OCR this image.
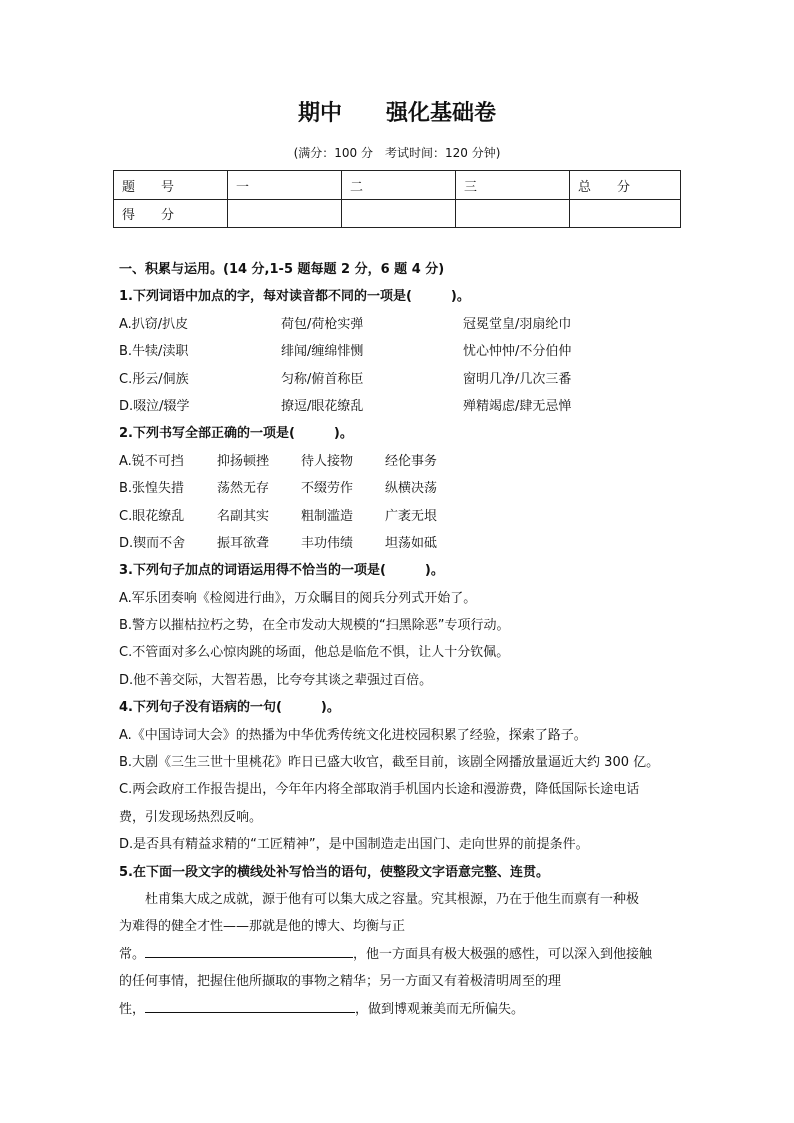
期中 强化基础卷
(满分：100 分　考试时间：120 分钟)
题　　号	一	二	三	总　　分
得　　分				
一、积累与运用。(14 分,1-5 题每题 2 分，6 题 4 分)
1.下列词语中加点的字，每对读音都不同的一项是(　　　)。
A.扒窃/扒皮	荷包/荷枪实弹	冠冕堂皇/羽扇纶巾
B.牛犊/渎职	绯闻/缠绵悱恻	忧心忡忡/不分伯仲
C.彤云/侗族	匀称/俯首称臣	窗明几净/几次三番
D.啜泣/辍学	撩逗/眼花缭乱	殚精竭虑/肆无忌惮
2.下列书写全部正确的一项是(　　　)。
A.锐不可挡	抑扬顿挫	待人接物	经伦事务
B.张惶失措	荡然无存	不缀劳作	纵横决荡
C.眼花缭乱	名副其实	粗制滥造	广袤无垠
D.锲而不舍	振耳欲聋	丰功伟绩	坦荡如砥
3.下列句子加点的词语运用得不恰当的一项是(　　　)。
A.军乐团奏响《检阅进行曲》，万众瞩目的阅兵分列式开始了。
B.警方以摧枯拉朽之势，在全市发动大规模的“扫黑除恶”专项行动。
C.不管面对多么心惊肉跳的场面，他总是临危不惧，让人十分钦佩。
D.他不善交际，大智若愚，比夸夸其谈之辈强过百倍。
4.下列句子没有语病的一句(　　　)。
A.《中国诗词大会》的热播为中华优秀传统文化进校园积累了经验，探索了路子。
B.大剧《三生三世十里桃花》昨日已盛大收官，截至目前，该剧全网播放量逼近大约 300 亿。
C.两会政府工作报告提出，今年年内将全部取消手机国内长途和漫游费，降低国际长途电话
费，引发现场热烈反响。
D.是否具有精益求精的“工匠精神”，是中国制造走出国门、走向世界的前提条件。
5.在下面一段文字的横线处补写恰当的语句，使整段文字语意完整、连贯。
杜甫集大成之成就，源于他有可以集大成之容量。究其根源，乃在于他生而禀有一种极
为难得的健全才性——那就是他的博大、均衡与正
常。	，他一方面具有极大极强的感性，可以深入到他接触
的任何事情，把握住他所撷取的事物之精华；另一方面又有着极清明周至的理
性，	，做到博观兼美而无所偏失。
